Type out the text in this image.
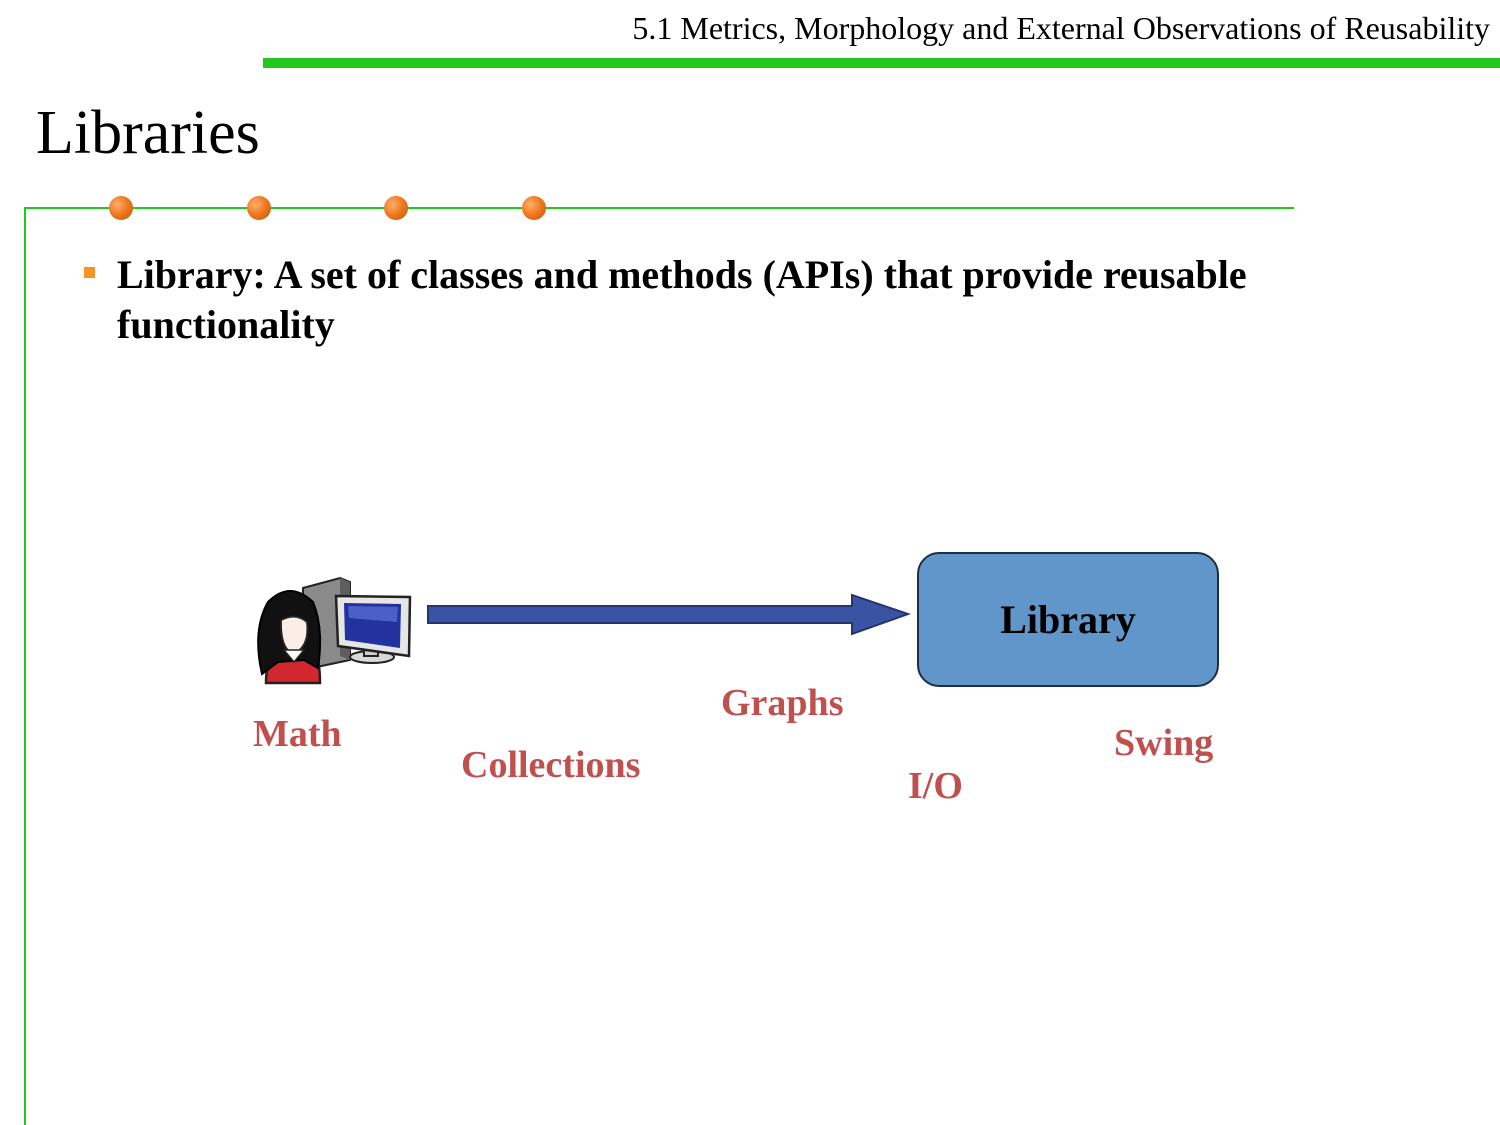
5.1 Metrics, Morphology and External Observations of Reusability
Libraries
Library: A set of classes and methods (APIs) that provide reusable functionality
Library
Math
Collections
Graphs
I/O
Swing
